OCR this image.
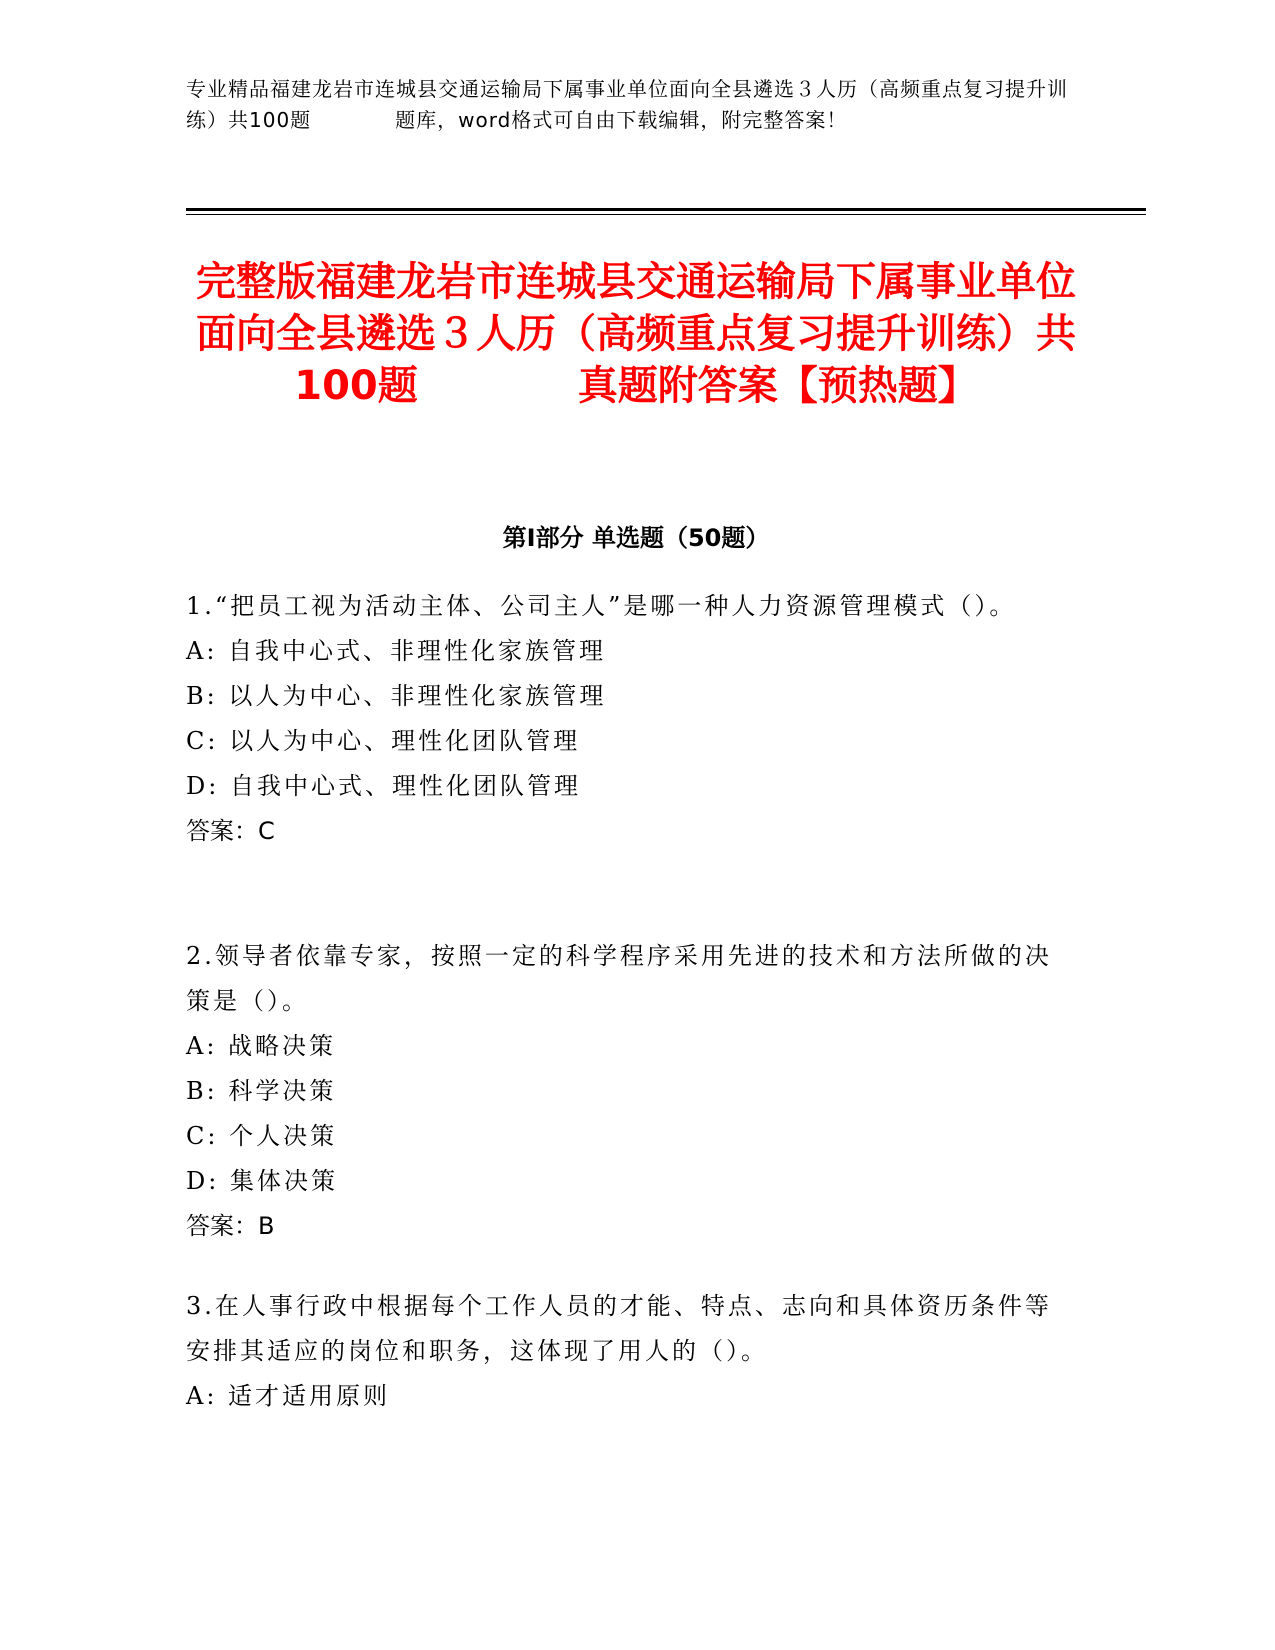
专业精品福建龙岩市连城县交通运输局下属事业单位面向全县遴选３人历（高频重点复习提升训练）共100题　　　　题库，word格式可自由下载编辑，附完整答案！

完整版福建龙岩市连城县交通运输局下属事业单位面向全县遴选３人历（高频重点复习提升训练）共100题　　　　真题附答案【预热题】
第Ⅰ部分 单选题（50题）

1.“把员工视为活动主体、公司主人”是哪一种人力资源管理模式（）。

A: 自我中心式、非理性化家族管理

B: 以人为中心、非理性化家族管理

C: 以人为中心、理性化团队管理

D: 自我中心式、理性化团队管理

答案：C

2.领导者依靠专家，按照一定的科学程序采用先进的技术和方法所做的决策是（）。

A: 战略决策

B: 科学决策

C: 个人决策

D: 集体决策

答案：B

3.在人事行政中根据每个工作人员的才能、特点、志向和具体资历条件等安排其适应的岗位和职务，这体现了用人的（）。

A: 适才适用原则
